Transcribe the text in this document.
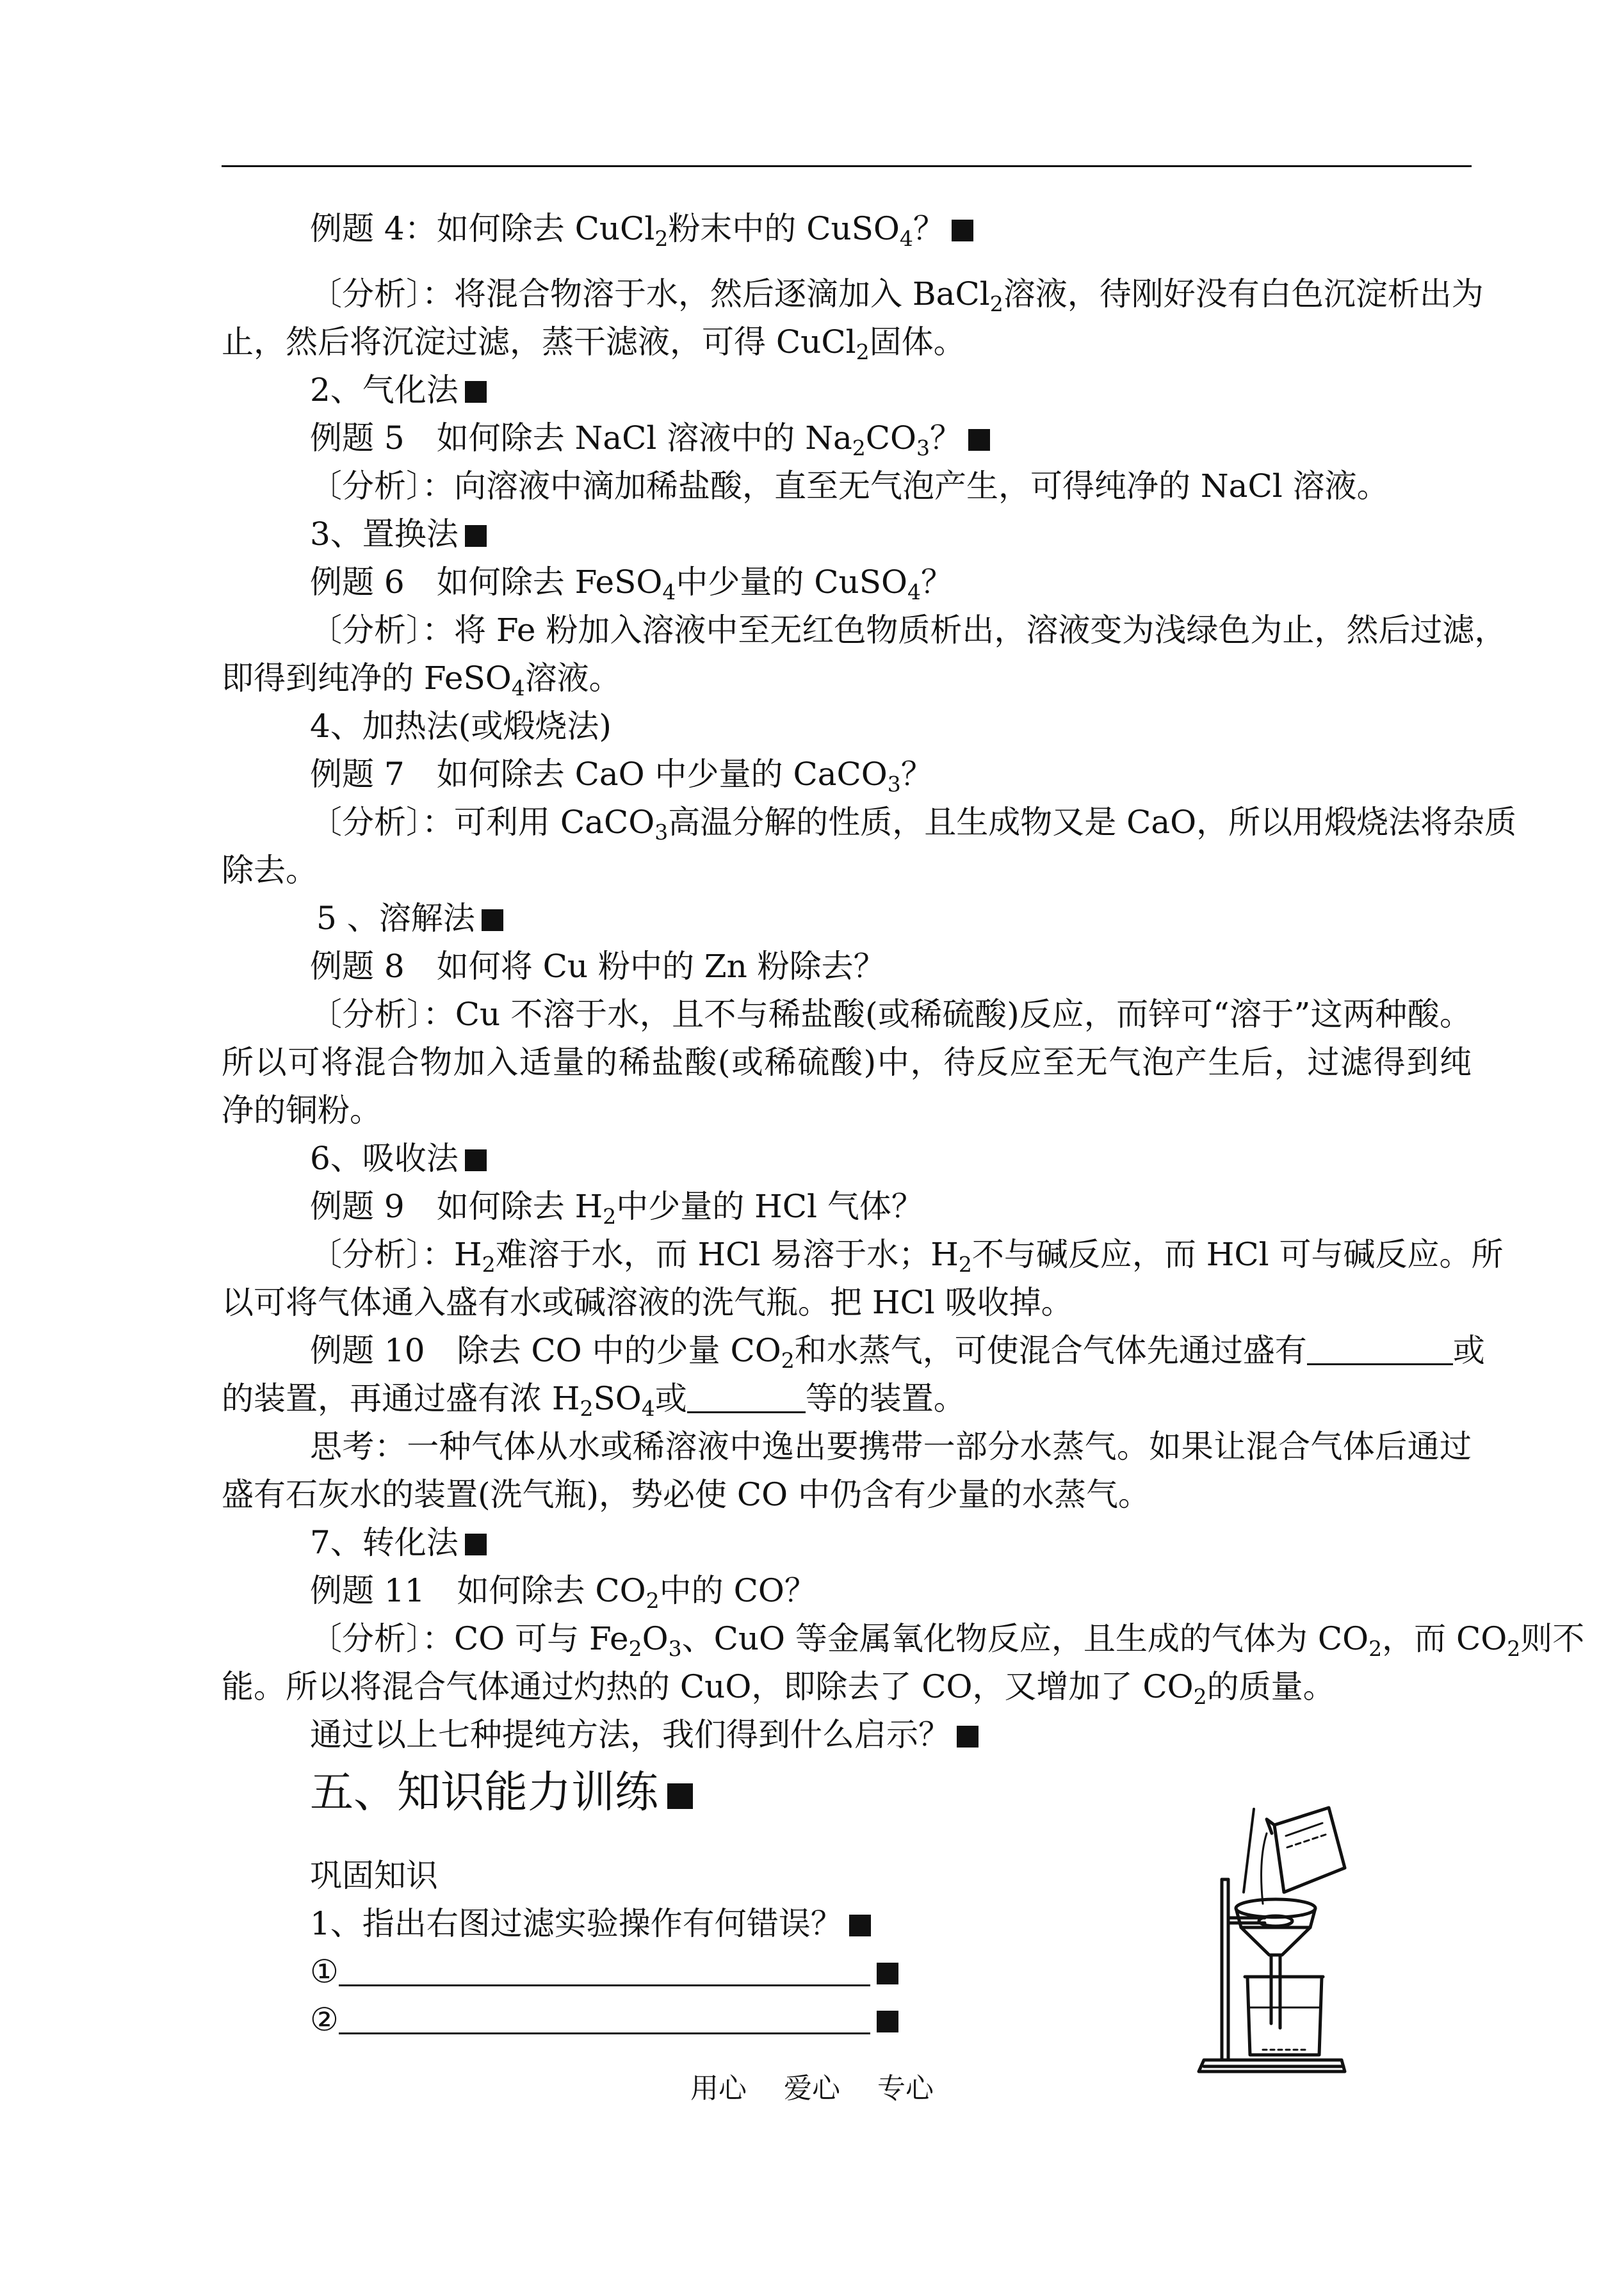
例题 4：如何除去 CuCl$_2$粉末中的 CuSO$_4$？
〔分析〕：将混合物溶于水，然后逐滴加入 BaCl$_2$溶液，待刚好没有白色沉淀析出为
止，然后将沉淀过滤，蒸干滤液，可得 CuCl$_2$固体。
2、气化法
例题 5　如何除去 NaCl 溶液中的 $Na_2CO_3$？
〔分析〕：向溶液中滴加稀盐酸，直至无气泡产生，可得纯净的 NaCl 溶液。
3、置换法
例题 6　如何除去 FeSO$_4$中少量的 CuSO$_4$？
〔分析〕：将 Fe 粉加入溶液中至无红色物质析出，溶液变为浅绿色为止，然后过滤，
即得到纯净的 FeSO$_4$溶液。
4、加热法(或煅烧法)
例题 7　如何除去 CaO 中少量的 CaCO$_3$？
〔分析〕：可利用 CaCO$_3$高温分解的性质，且生成物又是 CaO，所以用煅烧法将杂质
除去。
5 、溶解法
例题 8　如何将 Cu 粉中的 Zn 粉除去？
〔分析〕：Cu 不溶于水，且不与稀盐酸(或稀硫酸)反应，而锌可“溶于”这两种酸。
所以可将混合物加入适量的稀盐酸(或稀硫酸)中，待反应至无气泡产生后，过滤得到纯
净的铜粉。
6、吸收法
例题 9　如何除去 $H_2$中少量的 HCl 气体？
〔分析〕：$H_2$难溶于水，而 HCl 易溶于水；$H_2$不与碱反应，而 HCl 可与碱反应。所
以可将气体通入盛有水或碱溶液的洗气瓶。把 HCl 吸收掉。
例题 10　除去 CO 中的少量 $CO_2$和水蒸气，可使混合气体先通过盛有	或
的装置，再通过盛有浓 $H_2SO_4$或	等的装置。
思考：一种气体从水或稀溶液中逸出要携带一部分水蒸气。如果让混合气体后通过
盛有石灰水的装置(洗气瓶)，势必使 CO 中仍含有少量的水蒸气。
7、转化法
例题 11　如何除去 $CO_2$中的 CO？
〔分析〕：CO 可与 $Fe_2O_3$、CuO 等金属氧化物反应，且生成的气体为 $CO_2$，而 $CO_2$则不
能。所以将混合气体通过灼热的 CuO，即除去了 CO，又增加了 $CO_2$的质量。
通过以上七种提纯方法，我们得到什么启示？
五、知识能力训练
巩固知识
1、指出右图过滤实验操作有何错误？
①
②
用心　 爱心　 专心
